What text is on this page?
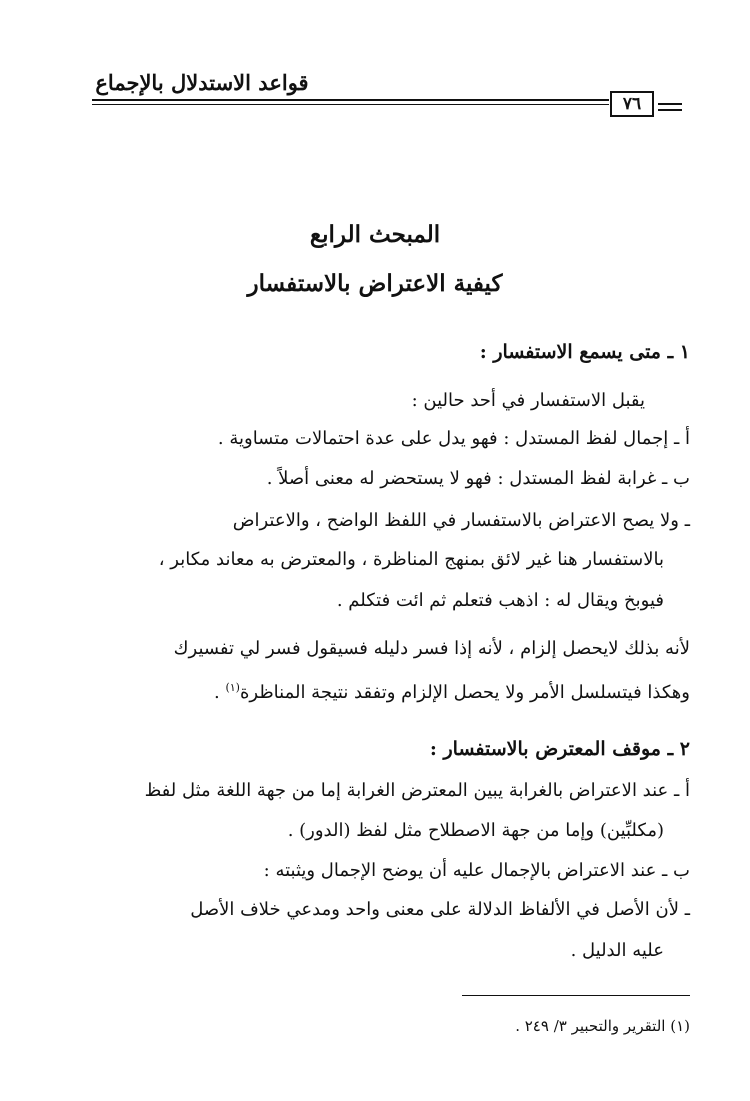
قواعد الاستدلال بالإجماع
٧٦
المبحث الرابع
كيفية الاعتراض بالاستفسار
١ ـ متى يسمع الاستفسار :
يقبل الاستفسار في أحد حالين :
أ ـ إجمال لفظ المستدل : فهو يدل على عدة احتمالات متساوية .
ب ـ غرابة لفظ المستدل : فهو لا يستحضر له معنى أصلاً .
ـ ولا يصح الاعتراض بالاستفسار في اللفظ الواضح ، والاعتراض
بالاستفسار هنا غير لائق بمنهج المناظرة ، والمعترض به معاند مكابر ،
فيوبخ ويقال له : اذهب فتعلم ثم ائت فتكلم .
لأنه بذلك لايحصل إلزام ، لأنه إذا فسر دليله فسيقول فسر لي تفسيرك
وهكذا فيتسلسل الأمر ولا يحصل الإلزام وتفقد نتيجة المناظرة$^{(١)}$ .
٢ ـ موقف المعترض بالاستفسار :
أ ـ عند الاعتراض بالغرابة يبين المعترض الغرابة إما من جهة اللغة مثل لفظ
(مكلبِّين) وإما من جهة الاصطلاح مثل لفظ (الدور) .
ب ـ عند الاعتراض بالإجمال عليه أن يوضح الإجمال ويثبته :
ـ لأن الأصل في الألفاظ الدلالة على معنى واحد ومدعي خلاف الأصل
عليه الدليل .
(١) التقرير والتحبير ٣/ ٢٤٩ .
